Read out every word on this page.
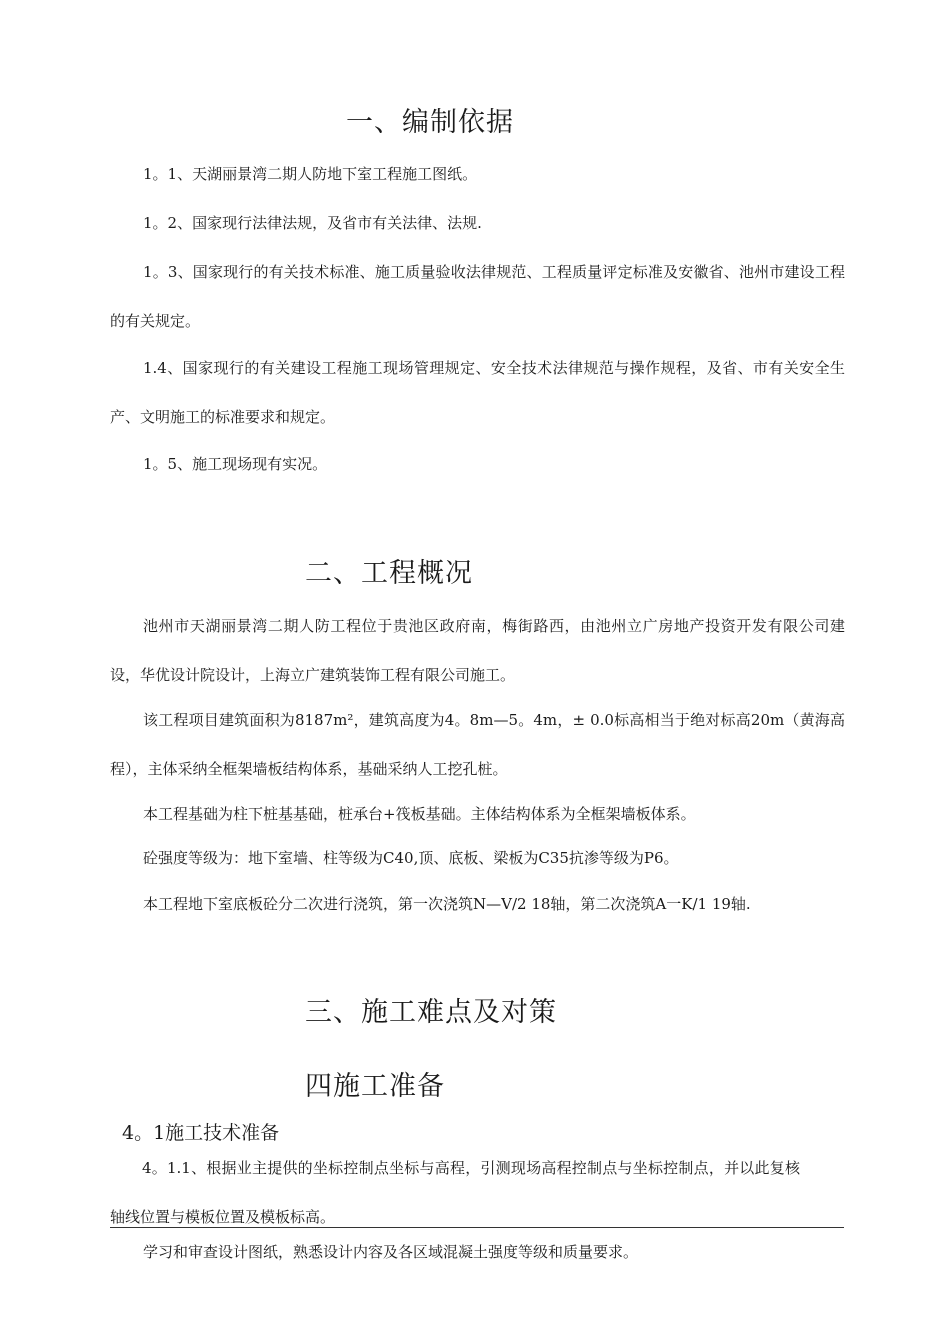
一、编制依据

1。1、天湖丽景湾二期人防地下室工程施工图纸。

1。2、国家现行法律法规，及省市有关法律、法规.

1。3、国家现行的有关技术标准、施工质量验收法律规范、工程质量评定标准及安徽省、池州市建设工程的有关规定。

1.4、国家现行的有关建设工程施工现场管理规定、安全技术法律规范与操作规程，及省、市有关安全生产、文明施工的标准要求和规定。

1。5、施工现场现有实况。

二、工程概况

池州市天湖丽景湾二期人防工程位于贵池区政府南，梅街路西，由池州立广房地产投资开发有限公司建设，华优设计院设计，上海立广建筑装饰工程有限公司施工。

该工程项目建筑面积为8187m²，建筑高度为4。8m—5。4m，± 0.0标高相当于绝对标高20m（黄海高程），主体采纳全框架墙板结构体系，基础采纳人工挖孔桩。

本工程基础为柱下桩基基础，桩承台+筏板基础。主体结构体系为全框架墙板体系。

砼强度等级为：地下室墙、柱等级为C40,顶、底板、梁板为C35抗渗等级为P6。

本工程地下室底板砼分二次进行浇筑，第一次浇筑N—V/2 18轴，第二次浇筑A一K/1 19轴.

三、施工难点及对策
四施工准备
4。1施工技术准备

4。1.1、根据业主提供的坐标控制点坐标与高程，引测现场高程控制点与坐标控制点，并以此复核轴线位置与模板位置及模板标高。

学习和审查设计图纸，熟悉设计内容及各区域混凝土强度等级和质量要求。
